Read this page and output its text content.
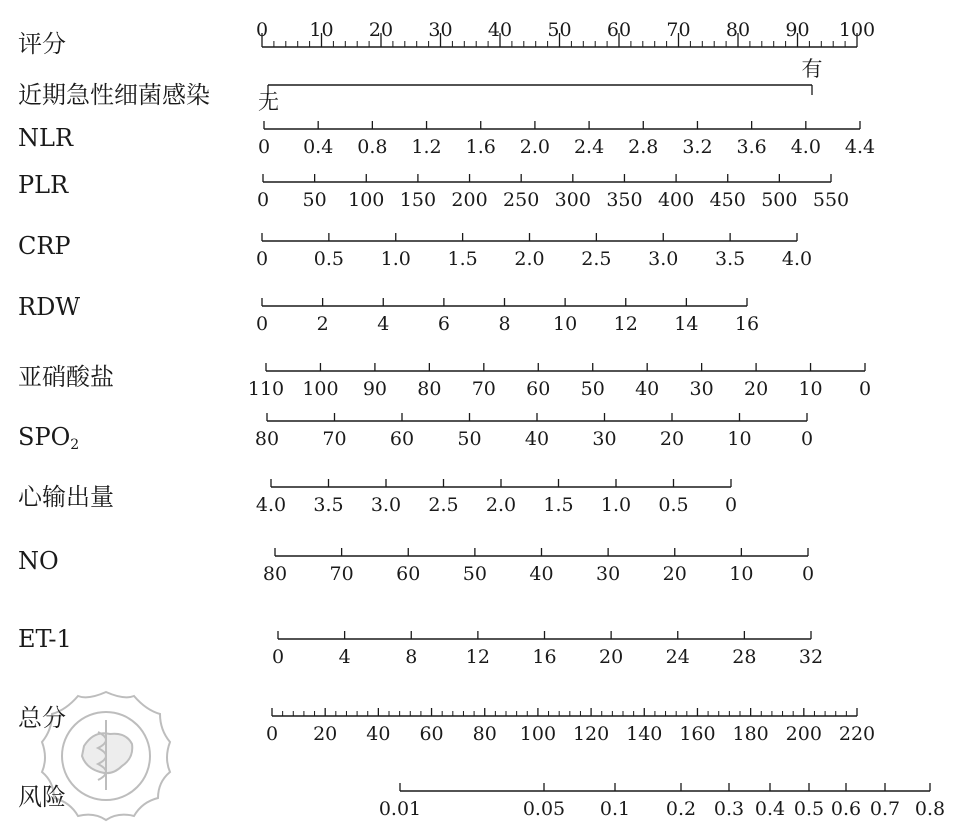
评分	0 10 20 30 40 50 60 70 80 90 100
近期急性细菌感染 无
有
NLR	0 0.4 0.8 1.2 1.6 2.0 2.4 2.8 3.2 3.6 4.0 4.4
PLR
0 50 100 150 200 250 300 350 400 450 500 550
CRP	0 0.5 1.0 1.5 2.0 2.5 3.0 3.5 4.0
RDW
0	2	4	6	8 10 12 14 16
亚硝酸盐	110 100 90 80 70 60 50 40 30 20 10 0
SPO2	80 70 60 50 40 30 20 10	0
心输出量	4.0 3.5 3.0 2.5 2.0 1.5 1.0 0.5 0
NO	80 70 60 50 40 30 20 10	0
ET-1
0	4	8	12 16 20 24 28 32
总分
0 20 40 60 80 100 120 140 160 180 200 220
风险	0.01	0.05 0.1 0.2 0.3 0.4 0.5 0.6 0.7 0.8
